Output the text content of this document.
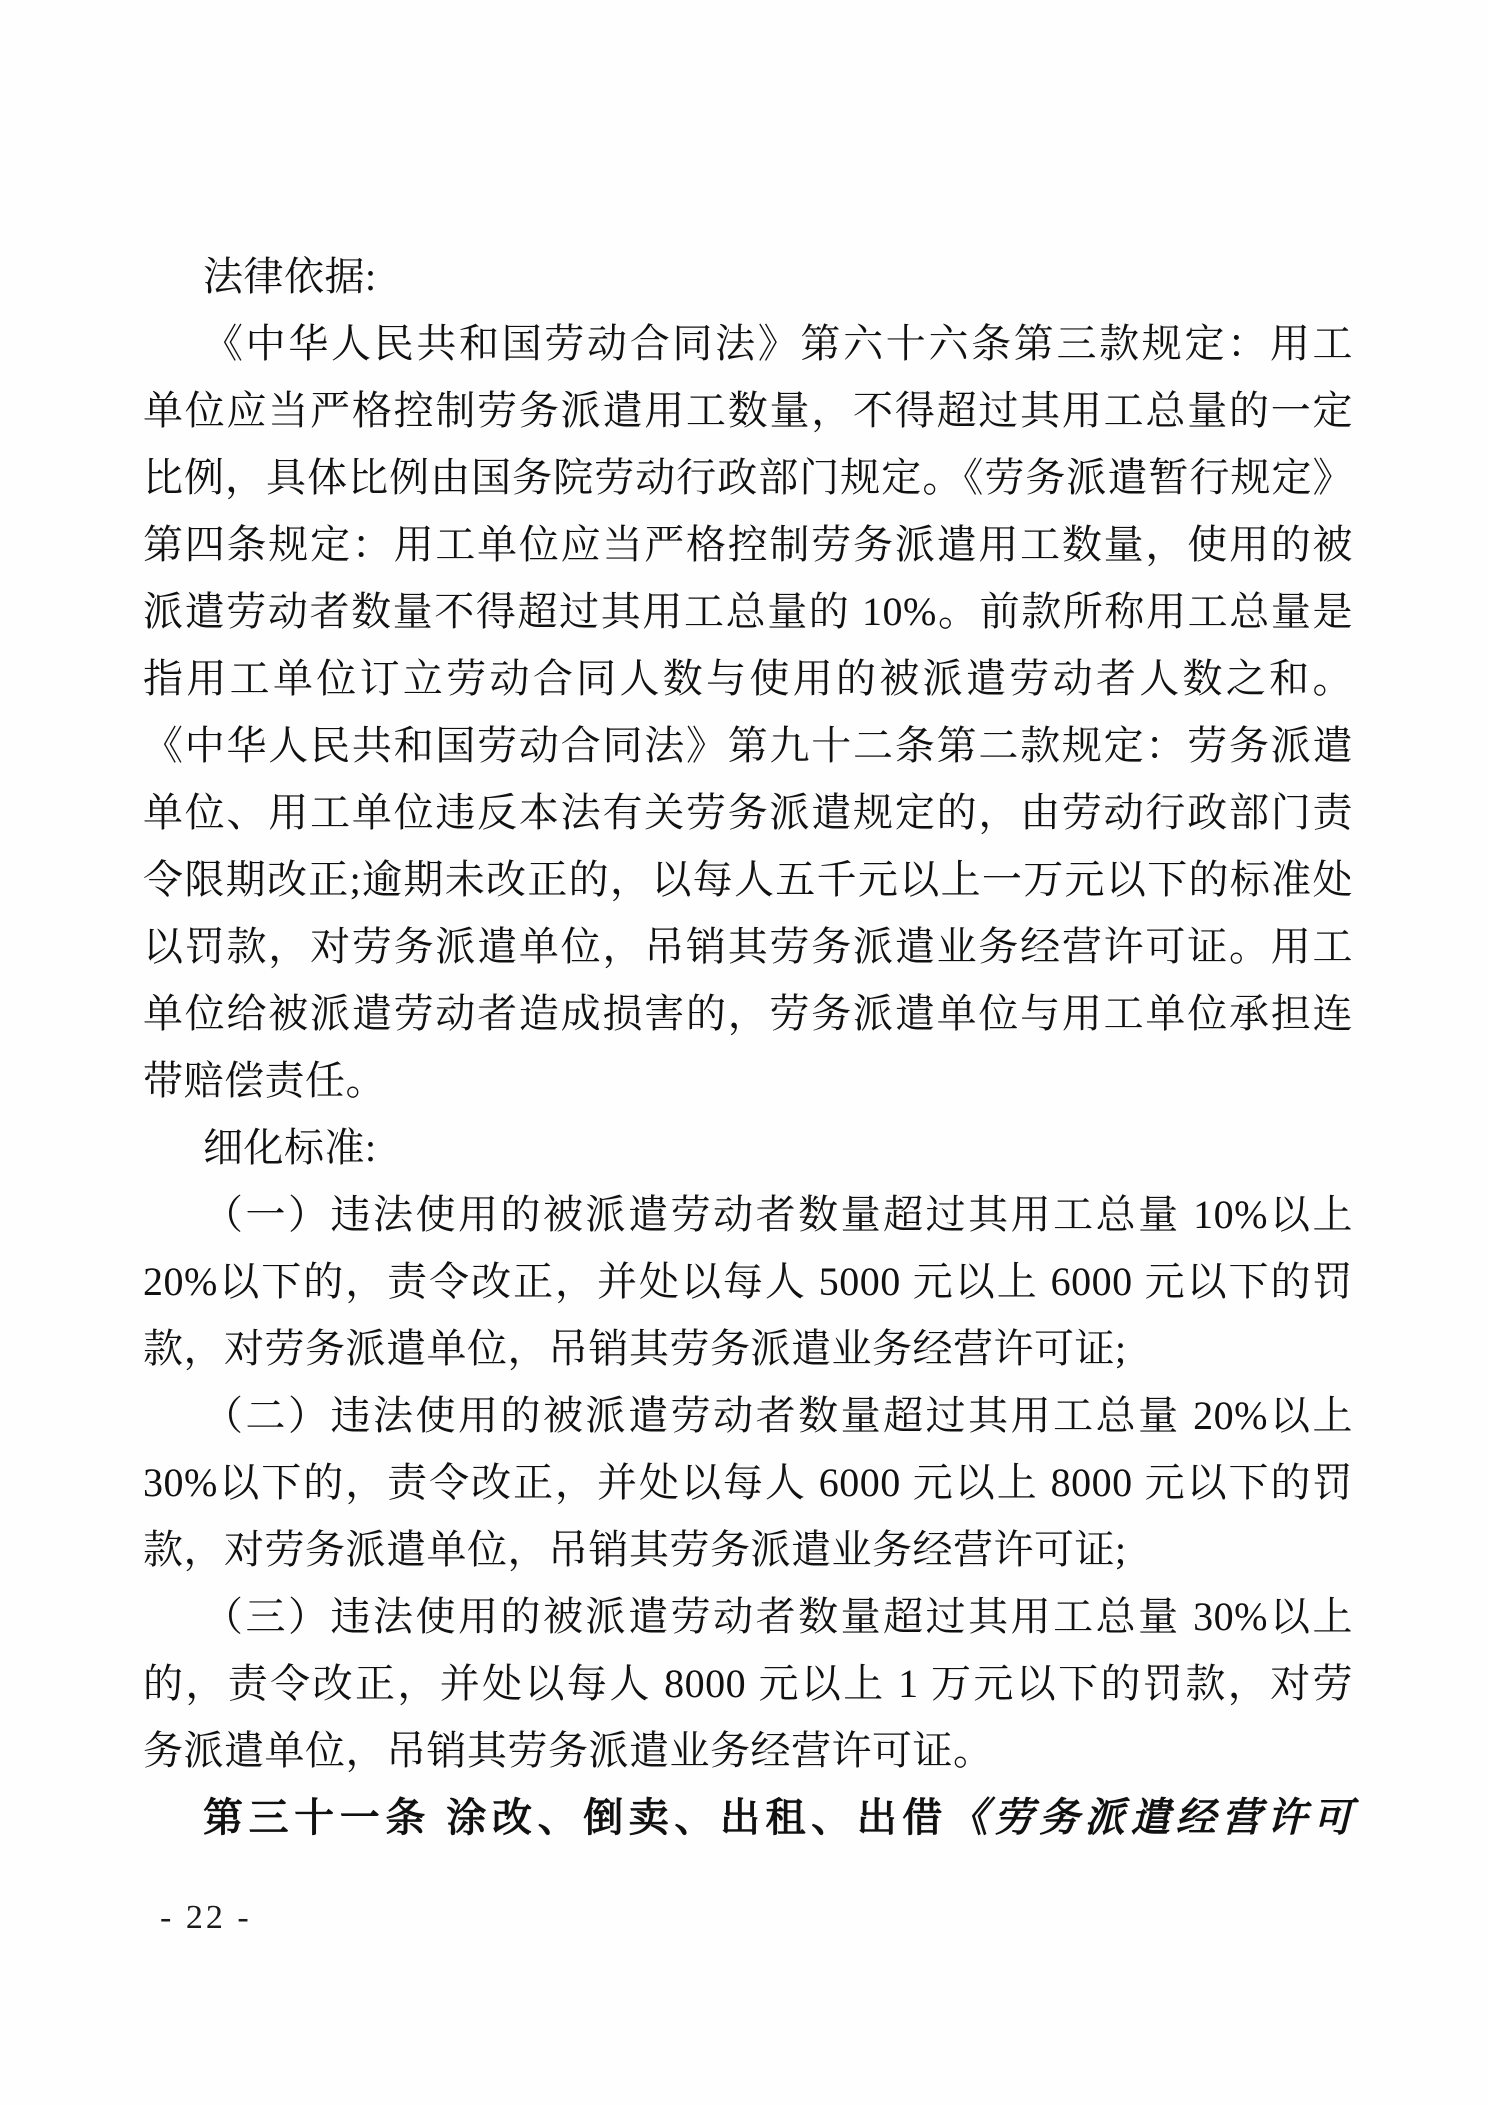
法律依据:
《中华人民共和国劳动合同法》第六十六条第三款规定：用工
单位应当严格控制劳务派遣用工数量，不得超过其用工总量的一定
比例，具体比例由国务院劳动行政部门规定。《劳务派遣暂行规定》
第四条规定：用工单位应当严格控制劳务派遣用工数量，使用的被
派遣劳动者数量不得超过其用工总量的 10%。前款所称用工总量是
指用工单位订立劳动合同人数与使用的被派遣劳动者人数之和。
《中华人民共和国劳动合同法》第九十二条第二款规定：劳务派遣
单位、用工单位违反本法有关劳务派遣规定的，由劳动行政部门责
令限期改正;逾期未改正的，以每人五千元以上一万元以下的标准处
以罚款，对劳务派遣单位，吊销其劳务派遣业务经营许可证。用工
单位给被派遣劳动者造成损害的，劳务派遣单位与用工单位承担连
带赔偿责任。
细化标准:
（一）违法使用的被派遣劳动者数量超过其用工总量 10%以上
20%以下的，责令改正，并处以每人 5000 元以上 6000 元以下的罚
款，对劳务派遣单位，吊销其劳务派遣业务经营许可证;
（二）违法使用的被派遣劳动者数量超过其用工总量 20%以上
30%以下的，责令改正，并处以每人 6000 元以上 8000 元以下的罚
款，对劳务派遣单位，吊销其劳务派遣业务经营许可证;
（三）违法使用的被派遣劳动者数量超过其用工总量 30%以上
的，责令改正，并处以每人 8000 元以上 1 万元以下的罚款，对劳
务派遣单位，吊销其劳务派遣业务经营许可证。
第三十一条 涂改、倒卖、出租、出借《劳务派遣经营许可
- 22 -
